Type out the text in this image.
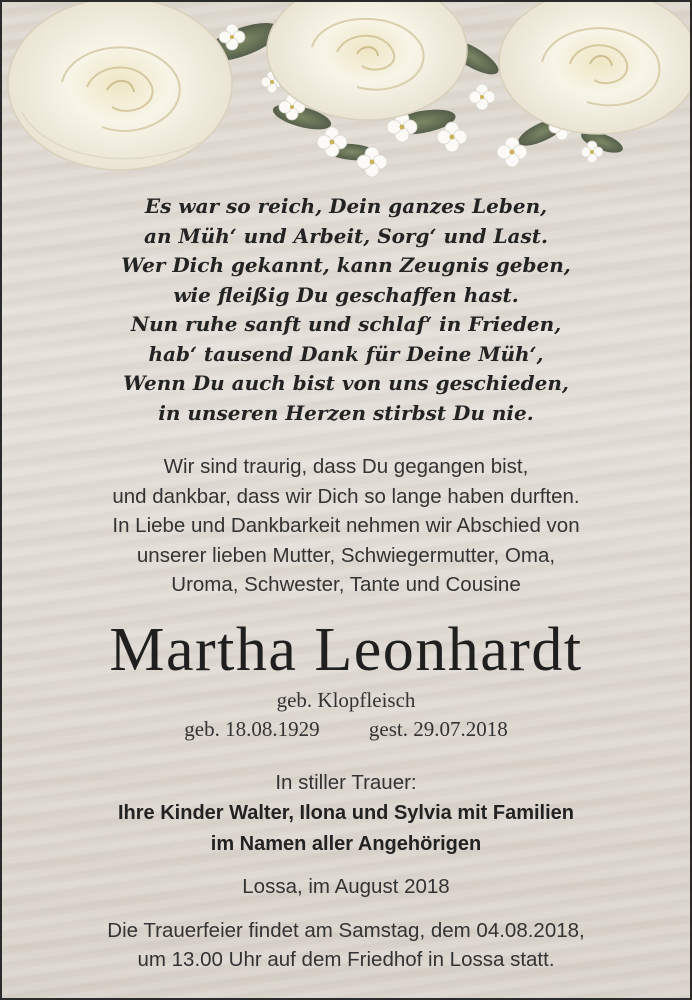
Es war so reich, Dein ganzes Leben,
an Müh‘ und Arbeit, Sorg‘ und Last.
Wer Dich gekannt, kann Zeugnis geben,
wie fleißig Du geschaffen hast.
Nun ruhe sanft und schlaf‘ in Frieden,
hab‘ tausend Dank für Deine Müh‘,
Wenn Du auch bist von uns geschieden,
in unseren Herzen stirbst Du nie.
Wir sind traurig, dass Du gegangen bist,
und dankbar, dass wir Dich so lange haben durften.
In Liebe und Dankbarkeit nehmen wir Abschied von
unserer lieben Mutter, Schwiegermutter, Oma,
Uroma, Schwester, Tante und Cousine
Martha Leonhardt
geb. Klopfleisch
geb. 18.08.1929 gest. 29.07.2018
In stiller Trauer:
Ihre Kinder Walter, Ilona und Sylvia mit Familien
im Namen aller Angehörigen
Lossa, im August 2018
Die Trauerfeier findet am Samstag, dem 04.08.2018,
um 13.00 Uhr auf dem Friedhof in Lossa statt.
